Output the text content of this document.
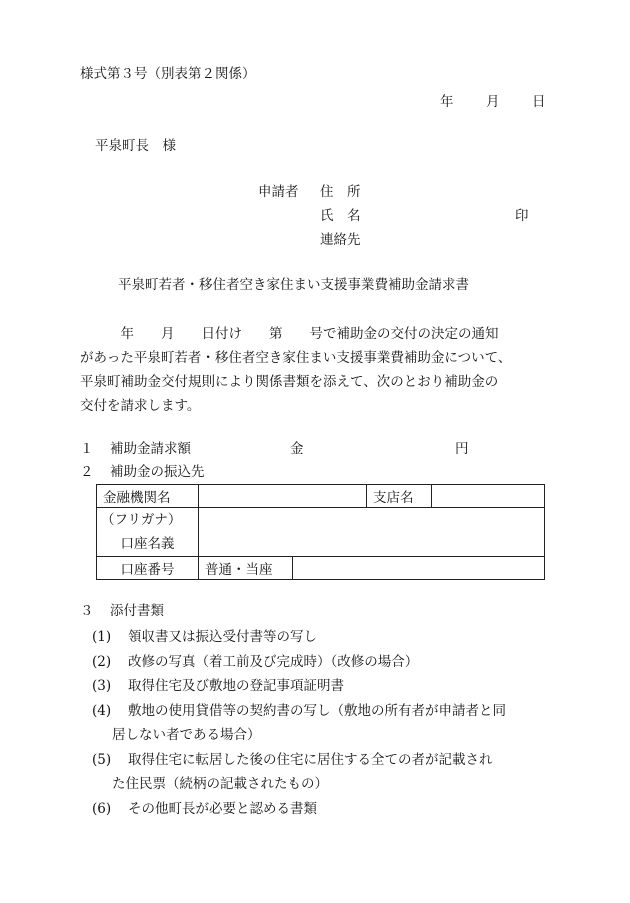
様式第３号（別表第２関係）
年 月 日
平泉町長　様
申請者 住　所
氏　名	印
連絡先
平泉町若者・移住者空き家住まい支援事業費補助金請求書
　　　年　　月　　日付け　　第　　号で補助金の交付の決定の通知
があった平泉町若者・移住者空き家住まい支援事業費補助金について、
平泉町補助金交付規則により関係書類を添えて、次のとおり補助金の
交付を請求します。
１ 補助金請求額	金	円
２ 補助金の振込先
金融機関名			支店名	

（フリガナ）
口座名義				

口座番号	普通・当座			
３ 添付書類
(1)	領収書又は振込受付書等の写し
(2)	改修の写真（着工前及び完成時）（改修の場合）
(3)	取得住宅及び敷地の登記事項証明書
(4)	敷地の使用貸借等の契約書の写し（敷地の所有者が申請者と同
居しない者である場合）
(5)	取得住宅に転居した後の住宅に居住する全ての者が記載され
た住民票（続柄の記載されたもの）
(6)	その他町長が必要と認める書類
